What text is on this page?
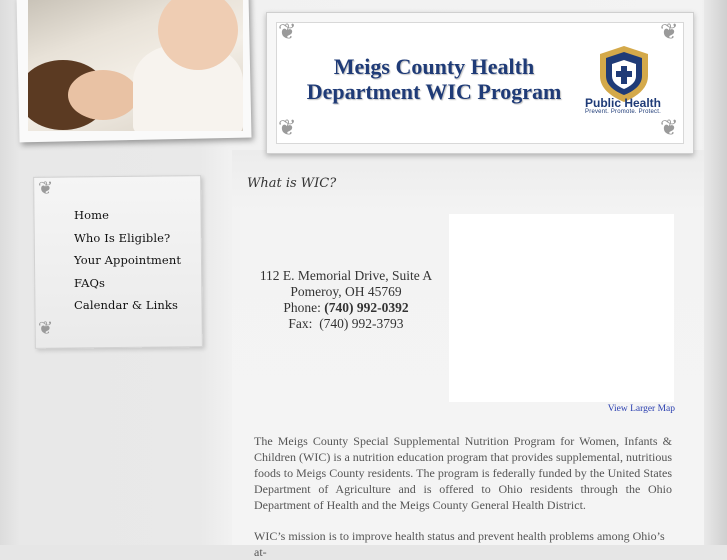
❦	❦
❦	❦
Meigs County Health
Department WIC Program	Public Health
Prevent. Promote. Protect.
❦
❦
Home
Who Is Eligible?
Your Appointment
FAQs
Calendar & Links
What is WIC?
112 E. Memorial Drive, Suite A
Pomeroy, OH 45769
Phone: (740) 992-0392
Fax:  (740) 992-3793
View Larger Map
The Meigs County Special Supplemental Nutrition Program for Women, Infants & Children (WIC) is a nutrition education program that provides supplemental, nutritious foods to Meigs County residents. The program is federally funded by the United States Department of Agriculture and is offered to Ohio residents through the Ohio Department of Health and the Meigs County General Health District.
WIC’s mission is to improve health status and prevent health problems among Ohio’s at-
